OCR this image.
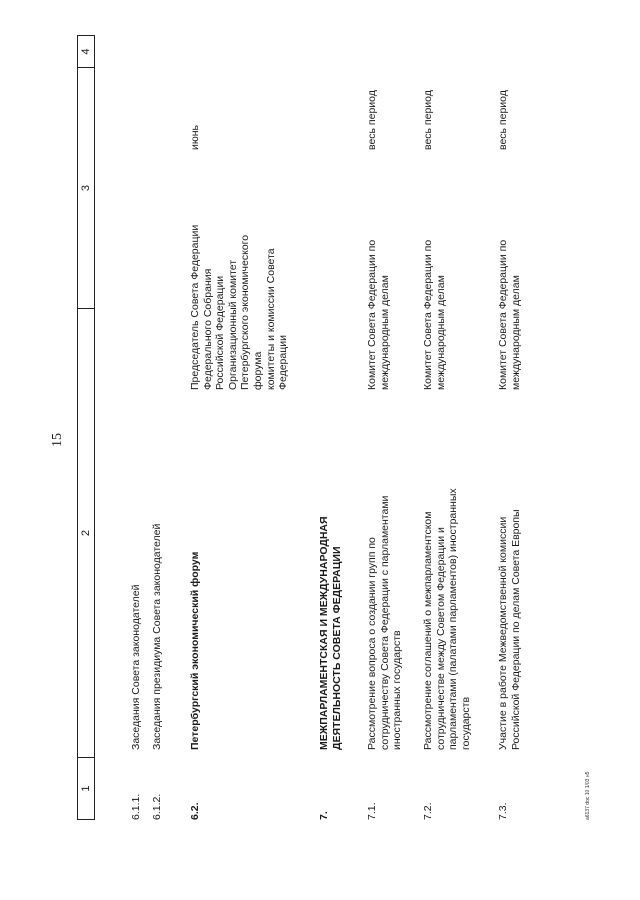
15
1
2
3
4
6.1.1.
Заседания Совета законодателей
6.1.2.
Заседания президиума Совета законодателей
6.2.
Петербургский экономический форум
Председатель Совета Федерации Федерального Собрания Российской Федерации Организационный комитет Петербургского экономического форума комитеты и комиссии Совета Федерации
июнь
7.
МЕЖПАРЛАМЕНТСКАЯ И МЕЖДУНАРОДНАЯ ДЕЯТЕЛЬНОСТЬ СОВЕТА ФЕДЕРАЦИИ
7.1.
Рассмотрение вопроса о создании групп по сотрудничеству Совета Федерации с парламентами иностранных государств
Комитет Совета Федерации по международным делам
весь период
7.2.
Рассмотрение соглашений о межпарламентском сотрудничестве между Советом Федерации и парламентами (палатами парламентов) иностранных государств
Комитет Совета Федерации по международным делам
весь период
7.3.
Участие в работе Межведомственной комиссии Российской Федерации по делам Совета Европы
Комитет Совета Федерации по международным делам
весь период
a6137 doc 10 1/03 н5
